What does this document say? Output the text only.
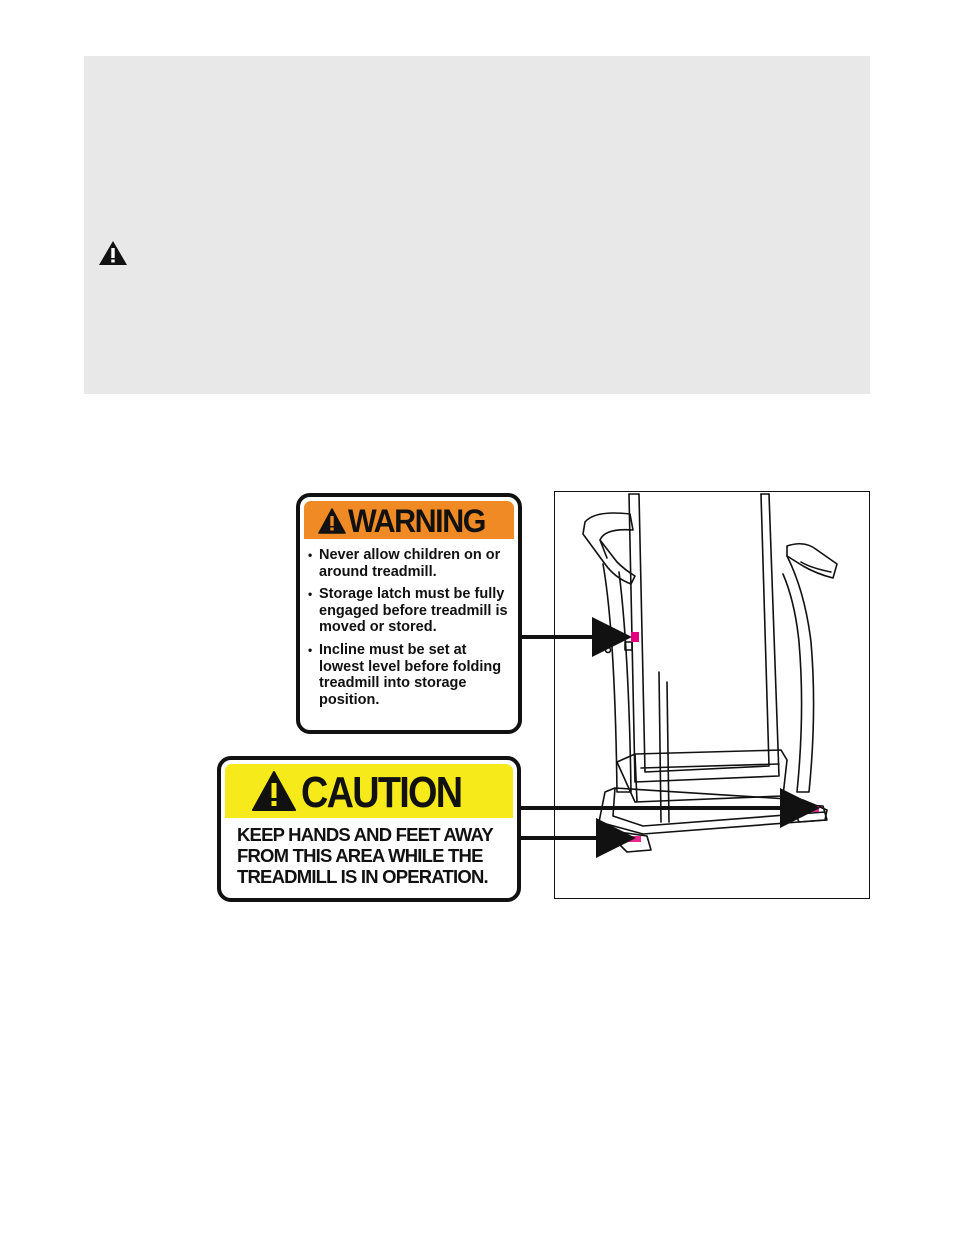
WARNING
• Never allow children on or around treadmill.
• Storage latch must be fully engaged before treadmill is moved or stored.
• Incline must be set at lowest level before folding treadmill into storage position.
CAUTION
KEEP HANDS AND FEET AWAY FROM THIS AREA WHILE THE TREADMILL IS IN OPERATION.
